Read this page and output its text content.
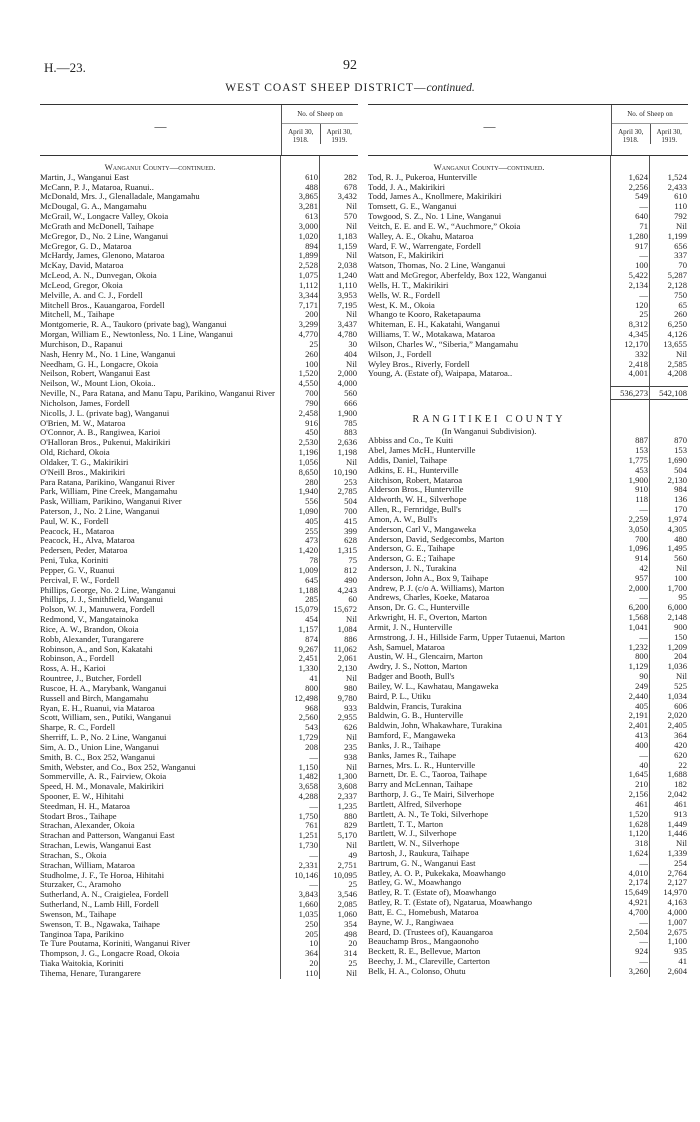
H.—23.	92
WEST COAST SHEEP DISTRICT—continued.
—
No. of Sheep on
April 30, 1918.
April 30, 1919.
Wanganui County—continued.
Martin, J., Wanganui East	610	282
McCann, P. J., Mataroa, Ruanui..	488	678
McDonald, Mrs. J., Glenalladale, Mangamahu	3,865	3,432
McDougal, G. A., Mangamahu	3,281	Nil
McGrail, W., Longacre Valley, Okoia	613	570
McGrath and McDonell, Taihape	3,000	Nil
McGregor, D., No. 2 Line, Wanganui	1,020	1,183
McGregor, G. D., Mataroa	894	1,159
McHardy, James, Glenono, Mataroa	1,899	Nil
McKay, David, Mataroa	2,528	2,038
McLeod, A. N., Dunvegan, Okoia	1,075	1,240
McLeod, Gregor, Okoia	1,112	1,110
Melville, A. and C. J., Fordell	3,344	3,953
Mitchell Bros., Kauangaroa, Fordell	7,171	7,195
Mitchell, M., Taihape	200	Nil
Montgomerie, R. A., Taukoro (private bag), Wanganui	3,299	3,437
Morgan, William E., Newtonless, No. 1 Line, Wanganui	4,770	4,780
Murchison, D., Rapanui	25	30
Nash, Henry M., No. 1 Line, Wanganui	260	404
Needham, G. H., Longacre, Okoia	100	Nil
Neilson, Robert, Wanganui East	1,520	2,000
Neilson, W., Mount Lion, Okoia..	4,550	4,000
Neville, N., Para Ratana, and Manu Tapu, Parikino, Wanganui River	700	560
Nicholson, James, Fordell	790	666
Nicolls, J. L. (private bag), Wanganui	2,458	1,900
O'Brien, M. W., Mataroa	916	785
O'Connor, A. B., Rangiwea, Karioi	450	883
O'Halloran Bros., Pukenui, Makirikiri	2,530	2,636
Old, Richard, Okoia	1,196	1,198
Oldaker, T. G., Makirikiri	1,056	Nil
O'Neill Bros., Makirikiri	8,650	10,190
Para Ratana, Parikino, Wanganui River	280	253
Park, William, Pine Creek, Mangamahu	1,940	2,785
Pask, William, Parikino, Wanganui River	556	504
Paterson, J., No. 2 Line, Wanganui	1,090	700
Paul, W. K., Fordell	405	415
Peacock, H., Mataroa	255	399
Peacock, H., Alva, Mataroa	473	628
Pedersen, Peder, Mataroa	1,420	1,315
Peni, Tuka, Koriniti	78	75
Pepper, G. V., Ruanui	1,009	812
Percival, F. W., Fordell	645	490
Phillips, George, No. 2 Line, Wanganui	1,188	4,243
Phillips, J. J., Smithfield, Wanganui	285	60
Polson, W. J., Manuwera, Fordell	15,079	15,672
Redmond, V., Mangatainoka	454	Nil
Rice, A. W., Brandon, Okoia	1,157	1,084
Robb, Alexander, Turangarere	874	886
Robinson, A., and Son, Kakatahi	9,267	11,062
Robinson, A., Fordell	2,451	2,061
Ross, A. H., Karioi	1,330	2,130
Rountree, J., Butcher, Fordell	41	Nil
Ruscoe, H. A., Marybank, Wanganui	800	980
Russell and Birch, Mangamahu	12,498	9,780
Ryan, E. H., Ruanui, via Mataroa	968	933
Scott, William, sen., Putiki, Wanganui	2,560	2,955
Sharpe, R. C., Fordell	543	626
Sherriff, L. P., No. 2 Line, Wanganui	1,729	Nil
Sim, A. D., Union Line, Wanganui	208	235
Smith, B. C., Box 252, Wanganui	—	938
Smith, Webster, and Co., Box 252, Wanganui	1,150	Nil
Sommerville, A. R., Fairview, Okoia	1,482	1,300
Speed, H. M., Monavale, Makirikiri	3,658	3,608
Spooner, E. W., Hihitahi	4,288	2,337
Steedman, H. H., Mataroa	—	1,235
Stodart Bros., Taihape	1,750	880
Strachan, Alexander, Okoia	761	829
Strachan and Patterson, Wanganui East	1,251	5,170
Strachan, Lewis, Wanganui East	1,730	Nil
Strachan, S., Okoia	—	49
Strachan, William, Mataroa	2,331	2,751
Studholme, J. F., Te Horoa, Hihitahi	10,146	10,095
Sturzaker, C., Aramoho	—	25
Sutherland, A. N., Craigielea, Fordell	3,843	3,546
Sutherland, N., Lamb Hill, Fordell	1,660	2,085
Swenson, M., Taihape	1,035	1,060
Swenson, T. B., Ngawaka, Taihape	250	354
Tanginoa Tapa, Parikino	205	498
Te Ture Poutama, Koriniti, Wanganui River	10	20
Thompson, J. G., Longacre Road, Okoia	364	314
Tiaka Waitokia, Koriniti	20	25
Tihema, Henare, Turangarere	110	Nil
—
No. of Sheep on
April 30, 1918.
April 30, 1919.
Wanganui County—continued.
Tod, R. J., Pukeroa, Hunterville	1,624	1,524
Todd, J. A., Makirikiri	2,256	2,433
Todd, James A., Knollmere, Makirikiri	549	610
Tomsett, G. E., Wanganui	—	110
Towgood, S. Z., No. 1 Line, Wanganui	640	792
Veitch, E. E. and E. W., “Auchmore,” Okoia	71	Nil
Walley, A. E., Okahu, Mataroa	1,280	1,199
Ward, F. W., Warrengate, Fordell	917	656
Watson, F., Makirikiri	—	337
Watson, Thomas, No. 2 Line, Wanganui	100	70
Watt and McGregor, Aberfeldy, Box 122, Wanganui	5,422	5,287
Wells, H. T., Makirikiri	2,134	2,128
Wells, W. R., Fordell	—	750
West, K. M., Okoia	120	65
Whango te Kooro, Raketapauma	25	260
Whiteman, E. H., Kakatahi, Wanganui	8,312	6,250
Williams, T. W., Motakawa, Mataroa	4,345	4,126
Wilson, Charles W., “Siberia,” Mangamahu	12,170	13,655
Wilson, J., Fordell	332	Nil
Wyley Bros., Riverly, Fordell	2,418	2,585
Young, A. (Estate of), Waipapa, Mataroa..	4,001	4,208
536,273	542,108
RANGITIKEI COUNTY
(In Wanganui Subdivision).
Abbiss and Co., Te Kuiti	887	870
Abel, James McH., Hunterville	153	153
Addis, Daniel, Taihape	1,775	1,690
Adkins, E. H., Hunterville	453	504
Aitchison, Robert, Mataroa	1,900	2,130
Alderson Bros., Hunterville	910	984
Aldworth, W. H., Silverhope	118	136
Allen, R., Fernridge, Bull's	—	170
Amon, A. W., Bull's	2,259	1,974
Anderson, Carl V., Mangaweka	3,050	4,305
Anderson, David, Sedgecombs, Marton	700	480
Anderson, G. E., Taihape	1,096	1,495
Anderson, G. E.; Taihape	914	560
Anderson, J. N., Turakina	42	Nil
Anderson, John A., Box 9, Taihape	957	100
Andrew, P. J. (c/o A. Williams), Marton	2,000	1,700
Andrews, Charles, Koeke, Mataroa	—	95
Anson, Dr. G. C., Hunterville	6,200	6,000
Arkwright, H. F., Overton, Marton	1,568	2,148
Armit, J. N., Hunterville	1,041	900
Armstrong, J. H., Hillside Farm, Upper Tutaenui, Marton	—	150
Ash, Samuel, Mataroa	1,232	1,209
Austin, W. H., Glencairn, Marton	800	204
Awdry, J. S., Notton, Marton	1,129	1,036
Badger and Booth, Bull's	90	Nil
Bailey, W. L., Kawhatau, Mangaweka	249	525
Baird, P. L., Utiku	2,440	1,034
Baldwin, Francis, Turakina	405	606
Baldwin, G. B., Hunterville	2,191	2,020
Baldwin, John, Whakawhare, Turakina	2,401	2,405
Bamford, F., Mangaweka	413	364
Banks, J. R., Taihape	400	420
Banks, James R., Taihape	—	620
Barnes, Mrs. L. R., Hunterville	40	22
Barnett, Dr. E. C., Taoroa, Taihape	1,645	1,688
Barry and McLennan, Taihape	210	182
Barthorp, J. G., Te Mairi, Silverhope	2,156	2,042
Bartlett, Alfred, Silverhope	461	461
Bartlett, A. N., Te Toki, Silverhope	1,520	913
Bartlett, T. T., Marton	1,628	1,449
Bartlett, W. J., Silverhope	1,120	1,446
Bartlett, W. N., Silverhope	318	Nil
Bartosh, J., Raukura, Taihape	1,624	1,339
Bartrum, G. N., Wanganui East	—	254
Batley, A. O. P., Pukekaka, Moawhango	4,010	2,764
Batley, G. W., Moawhango	2,174	2,127
Batley, R. T. (Estate of), Moawhango	15,649	14,970
Batley, R. T. (Estate of), Ngatarua, Moawhango	4,921	4,163
Batt, E. C., Homebush, Mataroa	4,700	4,000
Bayne, W. J., Rangiwaea	—	1,007
Beard, D. (Trustees of), Kauangaroa	2,504	2,675
Beauchamp Bros., Mangaonoho	—	1,100
Beckett, R. E., Bellevue, Marton	924	935
Beechy, J. M., Clareville, Carterton	—	41
Belk, H. A., Colonso, Ohutu	3,260	2,604
